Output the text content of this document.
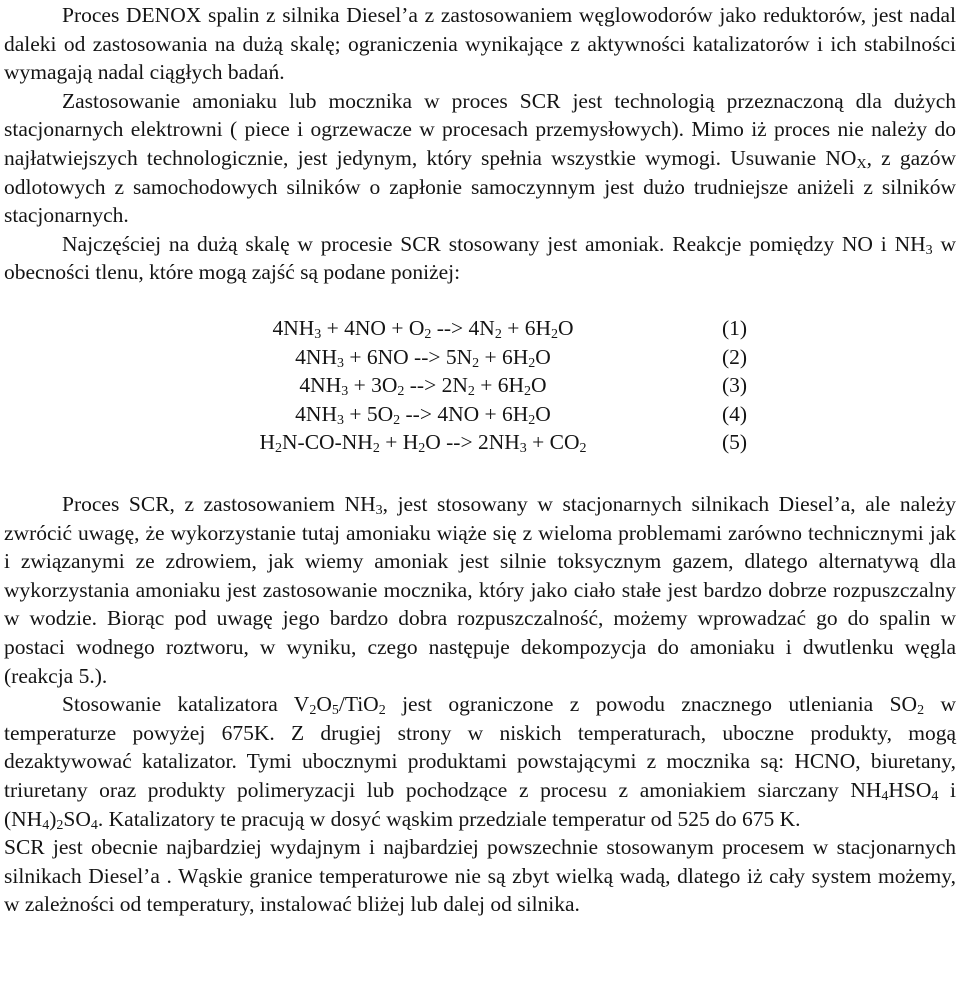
Proces DENOX spalin z silnika Diesel’a z zastosowaniem węglowodorów jako reduktorów, jest nadal daleki od zastosowania na dużą skalę; ograniczenia wynikające z aktywności katalizatorów i ich stabilności wymagają nadal ciągłych badań.

Zastosowanie amoniaku lub mocznika w proces SCR jest technologią przeznaczoną dla dużych stacjonarnych elektrowni ( piece i ogrzewacze w procesach przemysłowych). Mimo iż proces nie należy do najłatwiejszych technologicznie, jest jedynym, który spełnia wszystkie wymogi. Usuwanie $NO_X$, z gazów odlotowych z samochodowych silników o zapłonie samoczynnym jest dużo trudniejsze aniżeli z silników stacjonarnych.

Najczęściej na dużą skalę w procesie SCR stosowany jest amoniak. Reakcje pomiędzy NO i $NH_3$ w obecności tlenu, które mogą zajść są podane poniżej:

$4NH_3 + 4NO + O_2$ --> $4N_2 + 6H_2O$	(1)
$4NH_3 + 6NO$ --> $5N_2 + 6H_2O$	(2)
$4NH_3 + 3O_2$ --> $2N_2 + 6H_2O$	(3)
$4NH_3 + 5O_2$ --> $4NO + 6H_2O$	(4)
$H_2N-CO-NH_2 + H_2O$ --> $2NH_3 + CO_2$	(5)

Proces SCR, z zastosowaniem $NH_3$, jest stosowany w stacjonarnych silnikach Diesel’a, ale należy zwrócić uwagę, że wykorzystanie tutaj amoniaku wiąże się z wieloma problemami zarówno technicznymi jak i związanymi ze zdrowiem, jak wiemy amoniak jest silnie toksycznym gazem, dlatego alternatywą dla wykorzystania amoniaku jest zastosowanie mocznika, który jako ciało stałe jest bardzo dobrze rozpuszczalny w wodzie. Biorąc pod uwagę jego bardzo dobra rozpuszczalność, możemy wprowadzać go do spalin w postaci wodnego roztworu, w wyniku, czego następuje dekompozycja do amoniaku i dwutlenku węgla (reakcja 5.).

Stosowanie katalizatora $V_2O_5/TiO_2$ jest ograniczone z powodu znacznego utleniania $SO_2$ w temperaturze powyżej 675K. Z drugiej strony w niskich temperaturach, uboczne produkty, mogą dezaktywować katalizator. Tymi ubocznymi produktami powstającymi z mocznika są: HCNO, biuretany, triuretany oraz produkty polimeryzacji lub pochodzące z procesu z amoniakiem siarczany $NH_4HSO_4$ i $(NH_4)_2SO_4$. Katalizatory te pracują w dosyć wąskim przedziale temperatur od 525 do 675 K.

SCR jest obecnie najbardziej wydajnym i najbardziej powszechnie stosowanym procesem w stacjonarnych silnikach Diesel’a . Wąskie granice temperaturowe nie są zbyt wielką wadą, dlatego iż cały system możemy, w zależności od temperatury, instalować bliżej lub dalej od silnika.
